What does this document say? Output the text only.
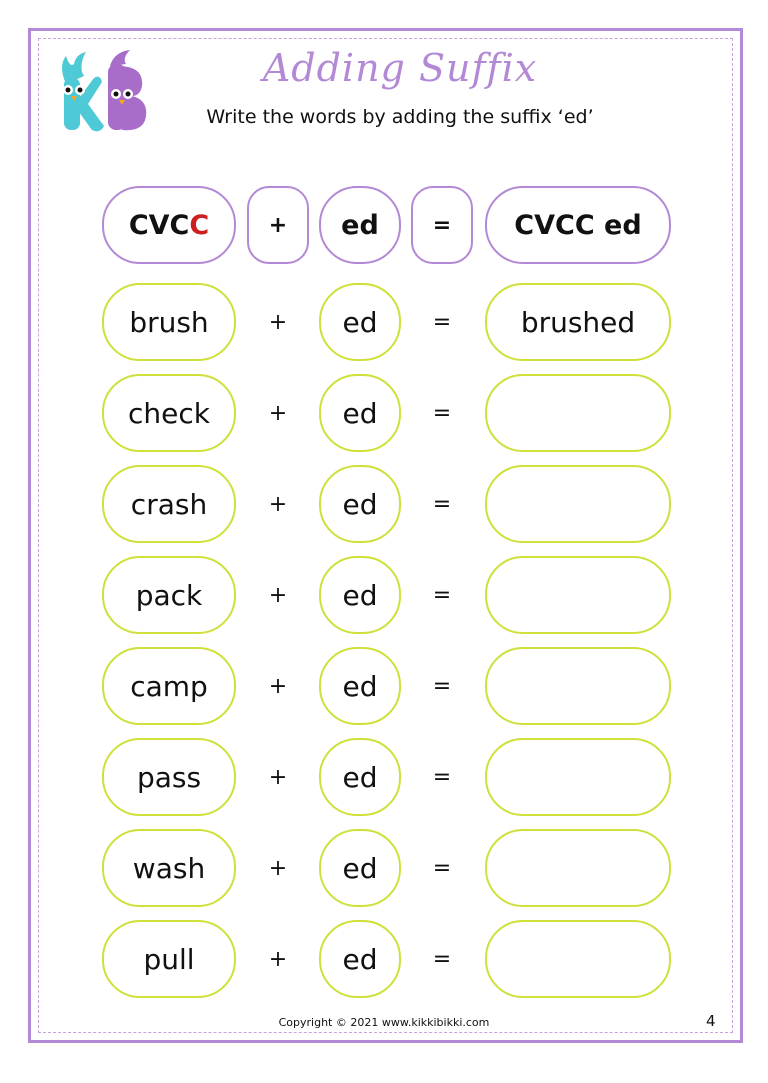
Adding Suffix
Write the words by adding the suffix ‘ed’
CVC C	+	ed	=	CVCC ed
brush	+	ed	=	brushed
check	+	ed	=
crash	+	ed	=
pack	+	ed	=
camp	+	ed	=
pass	+	ed	=
wash	+	ed	=
pull	+	ed	=
Copyright © 2021 www.kikkibikki.com	4
